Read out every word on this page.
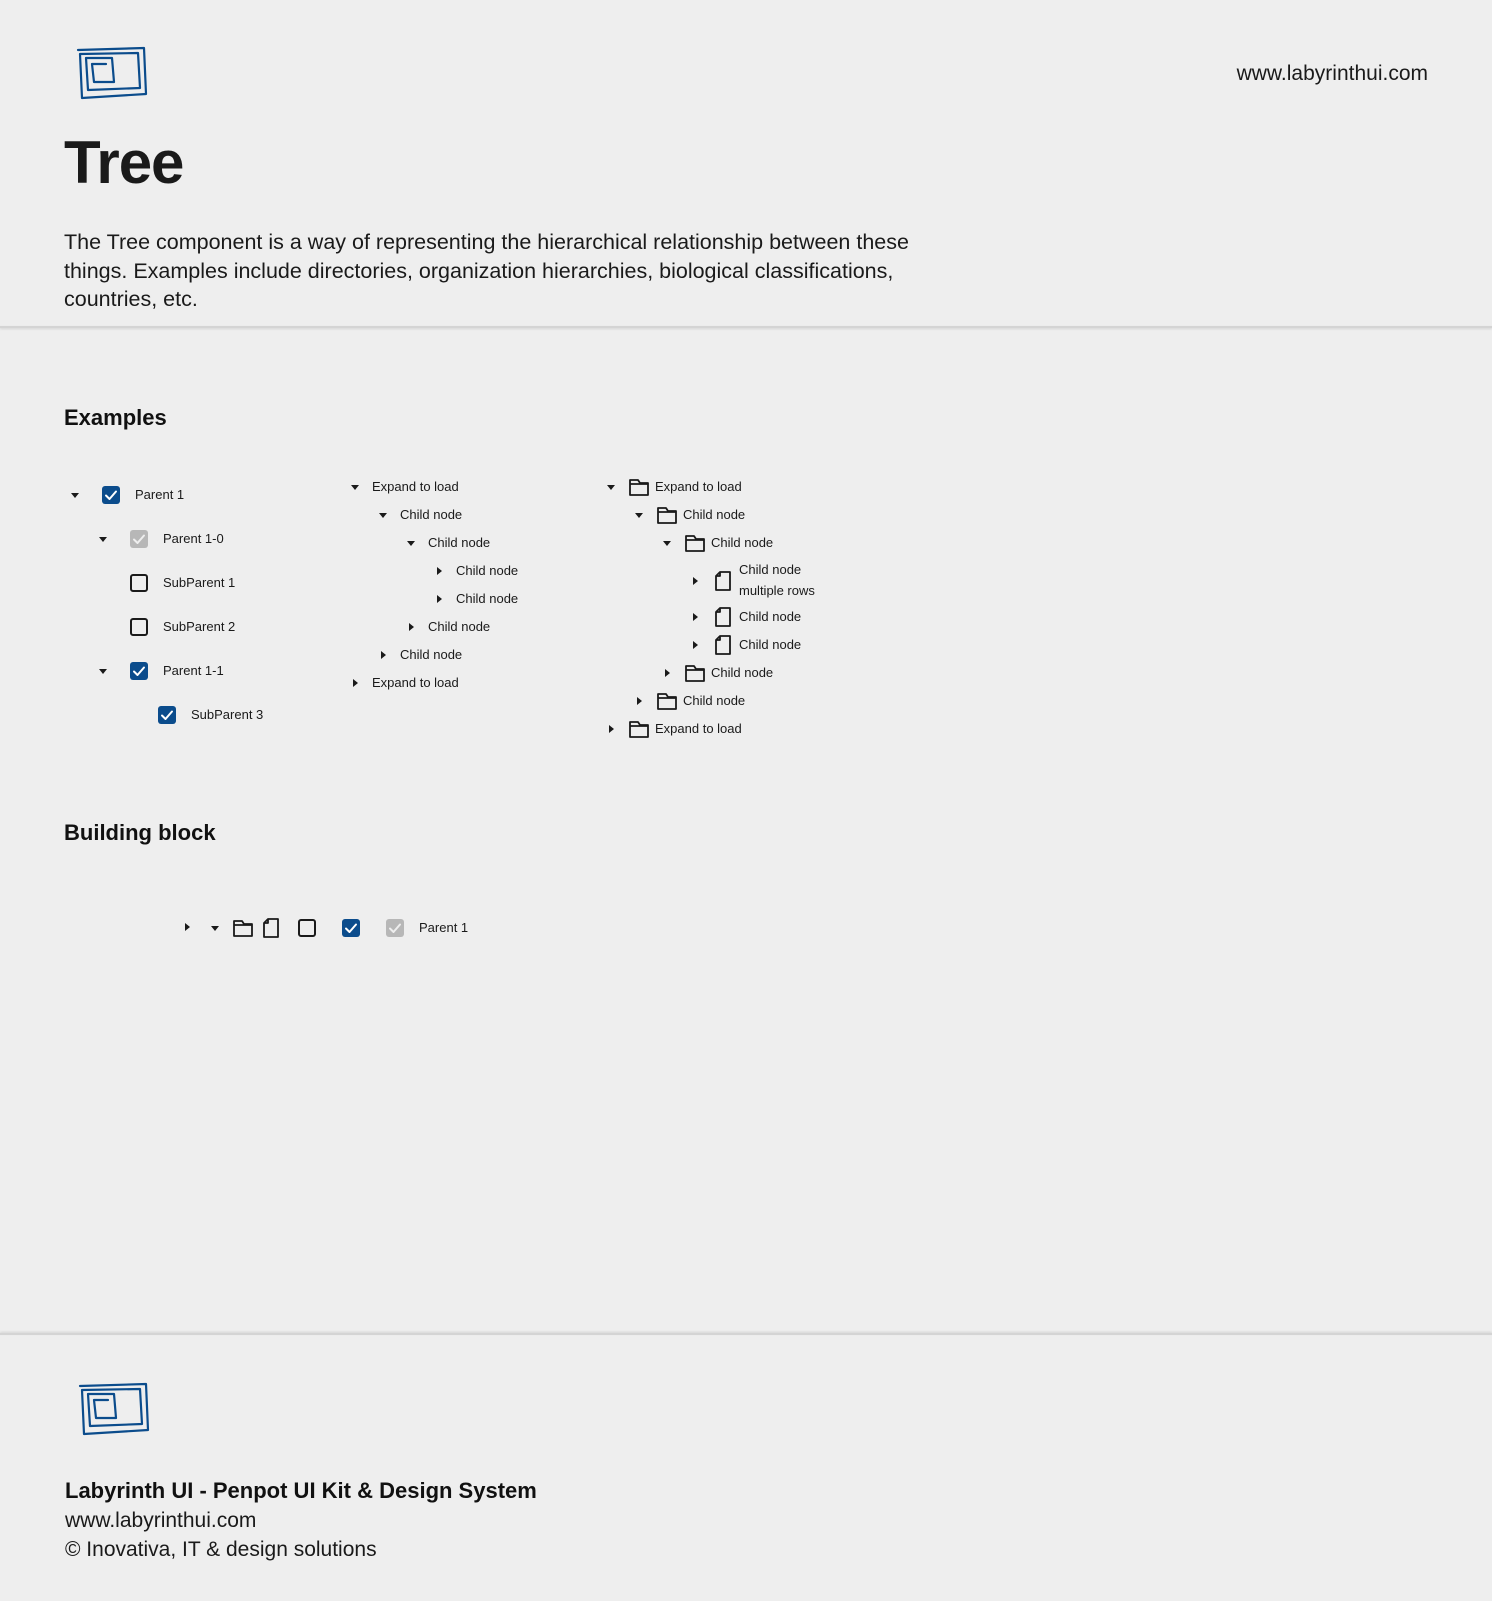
www.labyrinthui.com
Tree
The Tree component is a way of representing the hierarchical relationship between these things. Examples include directories, organization hierarchies, biological classifications, countries, etc.
Examples
Parent 1
Parent 1-0
SubParent 1
SubParent 2
Parent 1-1
SubParent 3
Expand to load
Child node
Child node
Child node
Child node
Child node
Child node
Expand to load
Expand to load
Child node
Child node
Child node
multiple rows
Child node
Child node
Child node
Child node
Expand to load
Building block
Parent 1
Labyrinth UI - Penpot UI Kit & Design System
www.labyrinthui.com
© Inovativa, IT & design solutions
